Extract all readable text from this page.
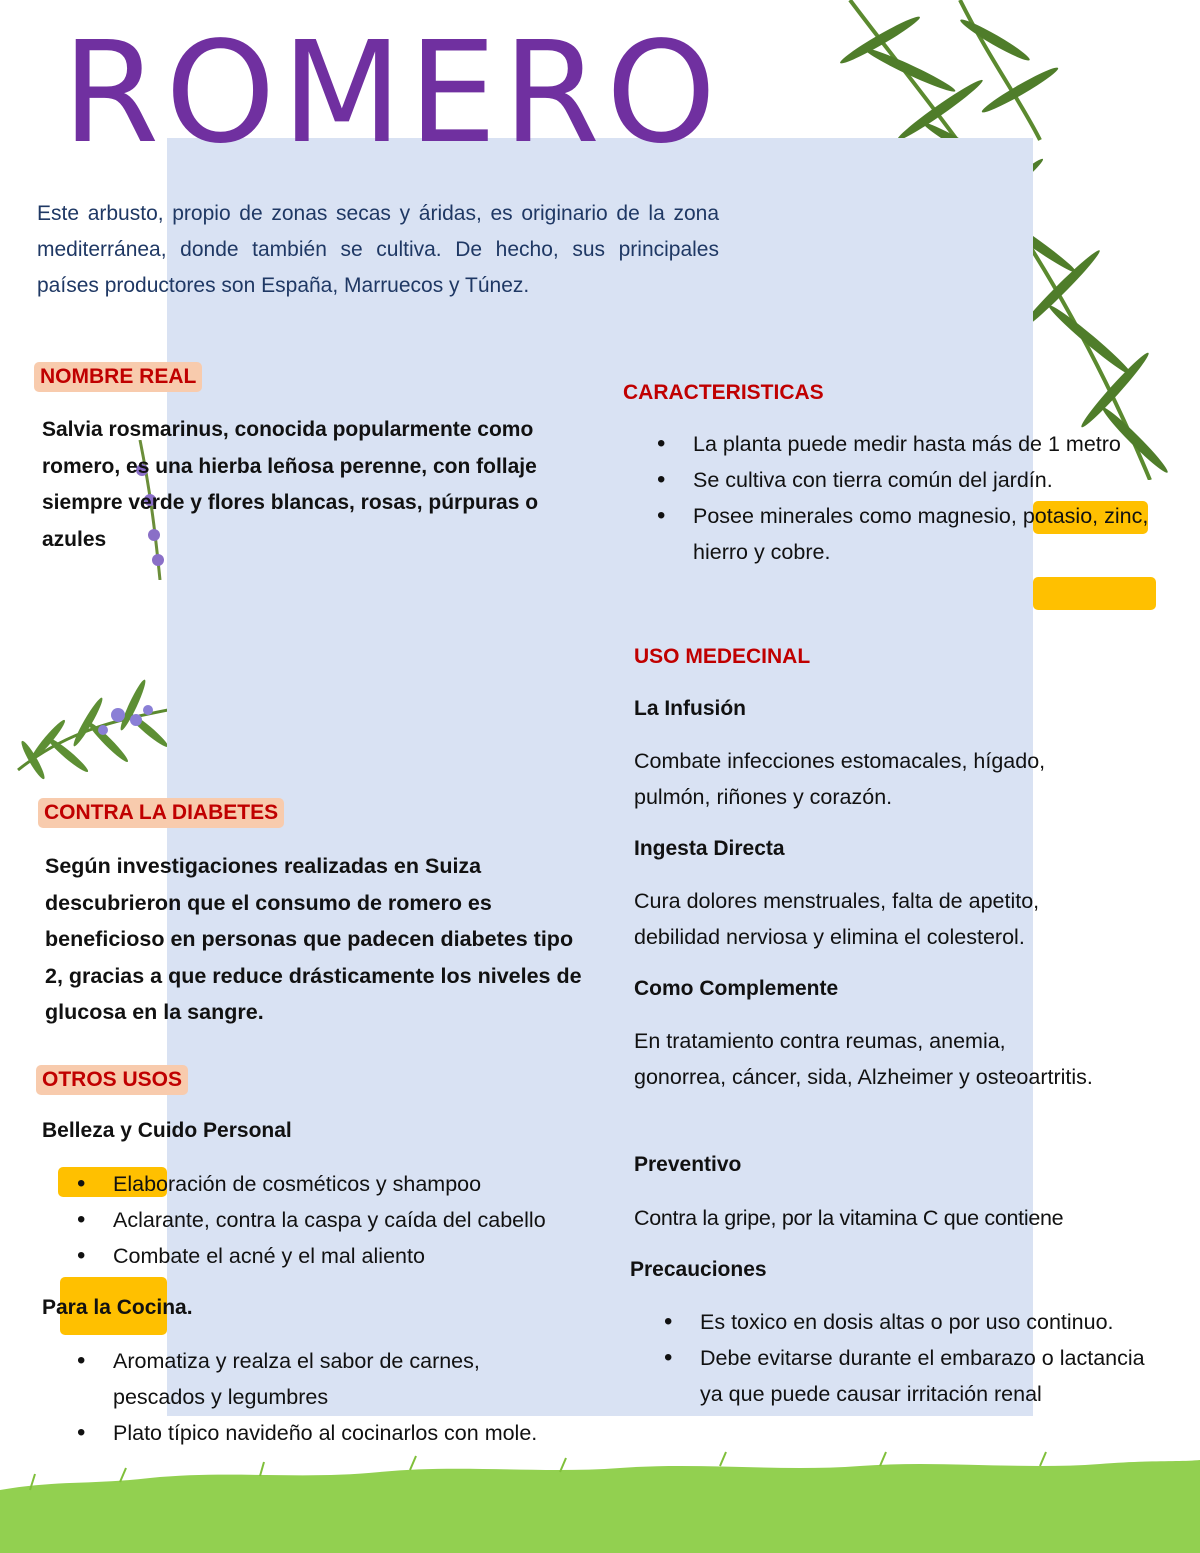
ROMERO

Este arbusto, propio de zonas secas y áridas, es originario de la zona mediterránea, donde también se cultiva. De hecho, sus principales países productores son España, Marruecos y Túnez.

NOMBRE REAL

Salvia rosmarinus, conocida popularmente como romero, es una hierba leñosa perenne, con follaje siempre verde y flores blancas, rosas, púrpuras o azules

CONTRA LA DIABETES

Según investigaciones realizadas en Suiza descubrieron que el consumo de romero es beneficioso en personas que padecen diabetes tipo 2, gracias a que reduce drásticamente los niveles de glucosa en la sangre.

OTROS USOS
Belleza y Cuido Personal
• Elaboración de cosméticos y shampoo
• Aclarante, contra la caspa y caída del cabello
• Combate el acné y el mal aliento
Para la Cocina.
• Aromatiza y realza el sabor de carnes, pescados y legumbres
• Plato típico navideño al cocinarlos con mole.
CARACTERISTICAS
• La planta puede medir hasta más de 1 metro
• Se cultiva con tierra común del jardín.
• Posee minerales como magnesio, potasio, zinc, hierro y cobre.
USO MEDECINAL
La Infusión

Combate infecciones estomacales, hígado, pulmón, riñones y corazón.

Ingesta Directa

Cura dolores menstruales, falta de apetito, debilidad nerviosa y elimina el colesterol.

Como Complemente

En tratamiento contra reumas, anemia, gonorrea, cáncer, sida, Alzheimer y osteoartritis.

Preventivo

Contra la gripe, por la vitamina C que contiene

Precauciones
• Es toxico en dosis altas o por uso continuo.
• Debe evitarse durante el embarazo o lactancia    ya que puede causar irritación renal
